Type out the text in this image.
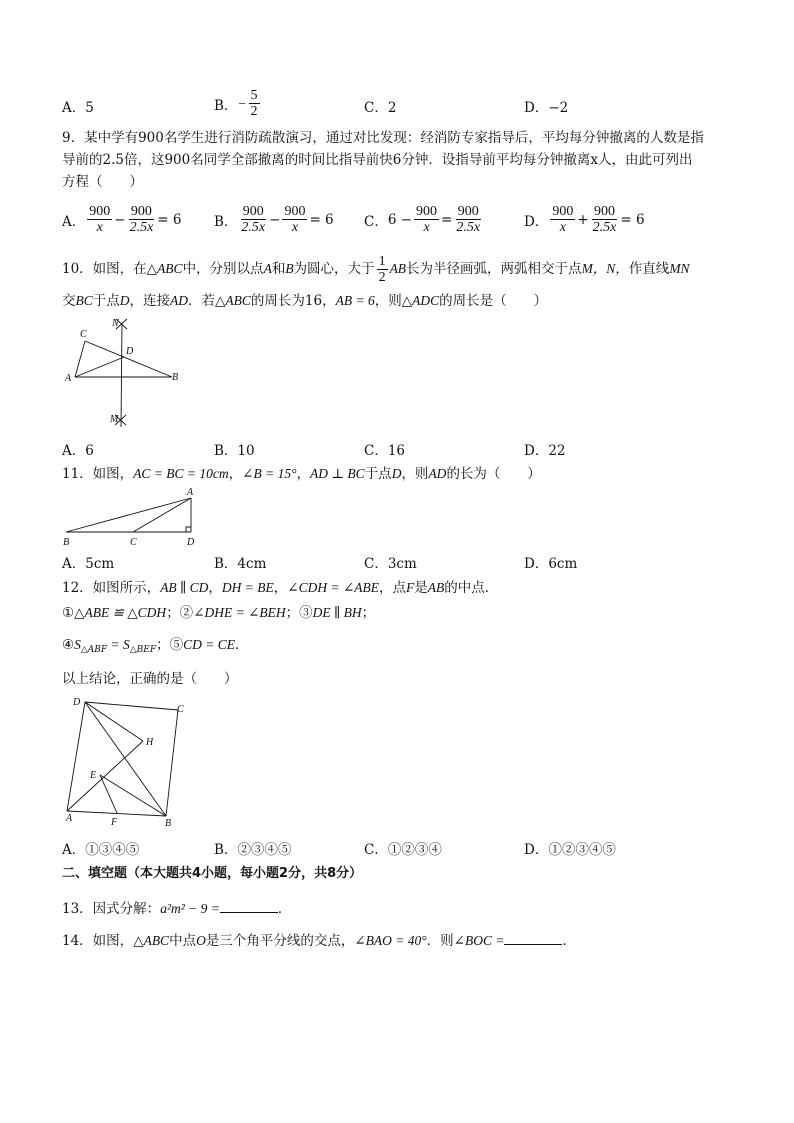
A．5	B． − $\frac{5}{2}$	C．2	D．−2
9．某中学有900名学生进行消防疏散演习，通过对比发现：经消防专家指导后，平均每分钟撤离的人数是指
导前的2.5倍，这900名同学全部撤离的时间比指导前快6分钟．设指导前平均每分钟撤离x人，由此可列出
方程（　　）
A． $\frac{900}{x} - \frac{900}{2.5x} = 6$ B． $\frac{900}{2.5x} - \frac{900}{x} = 6$ C． $6 - \frac{900}{x} = \frac{900}{2.5x}$	D． $\frac{900}{x} + \frac{900}{2.5x} = 6$
10．如图，在△ ABC 中，分别以点 A 和 B 为圆心，大于 $\frac{1}{2}$ AB 长为半径画弧，两弧相交于点 M，N， 作直线 MN
交BC于点D，连接AD．若△ABC的周长为16，AB = 6，则△ADC的周长是（　　）
C
N
D
A	B
M
A．6	B．10	C．16	D．22
11．如图，AC = BC = 10cm，∠B = 15°，AD ⊥ BC于点D，则AD的长为（　　）
A
B	C	D
A．5cm	B．4cm	C．3cm	D．6cm
12．如图所示，AB ∥ CD，DH = BE，∠CDH = ∠ABE，点F是AB的中点．
①△ABE ≌ △CDH；②∠DHE = ∠BEH；③DE ∥ BH；
$④S_{\triangle ABF} = S_{\triangle BEF}$；⑤CD = CE．
以上结论，正确的是（　　）
D
C
H
E
A	F	B
A．①③④⑤	B．②③④⑤	C．①②③④	D．①②③④⑤
二、填空题（本大题共4小题，每小题2分，共8分）
13．因式分解：a²m² − 9 =	．
14．如图，△ABC中点O是三个角平分线的交点，∠BAO = 40°．则∠BOC =	．
